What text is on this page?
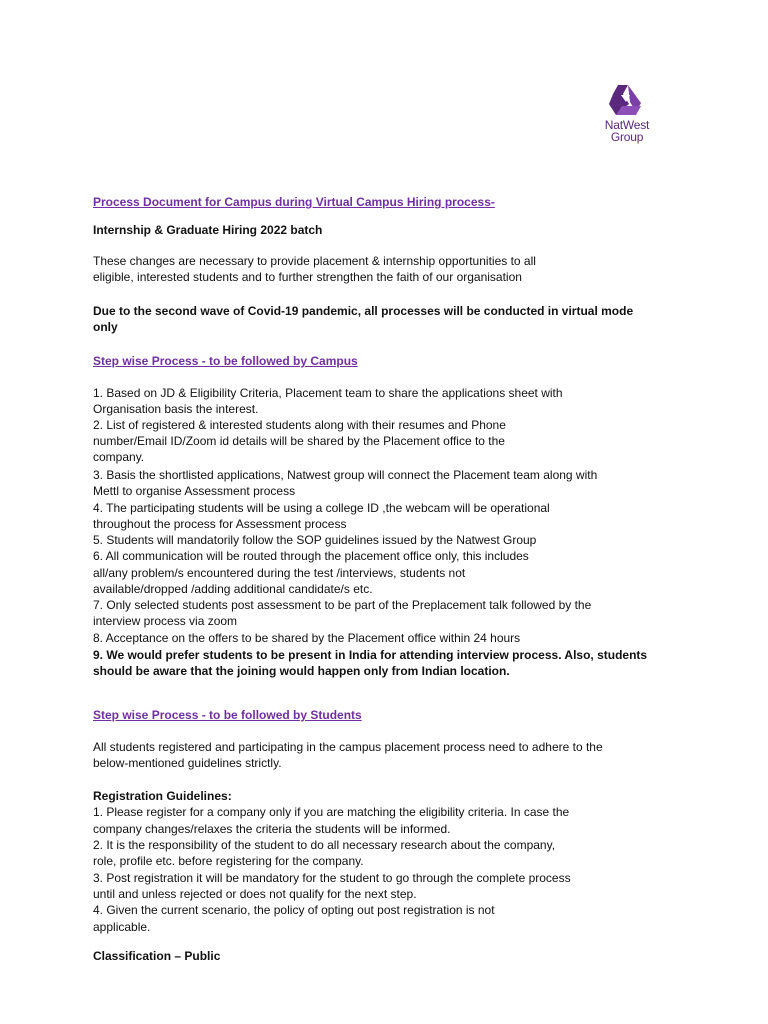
NatWest
Group

Process Document for Campus during Virtual Campus Hiring process-

Internship & Graduate Hiring 2022 batch

These changes are necessary to provide placement & internship opportunities to all

eligible, interested students and to further strengthen the faith of our organisation

Due to the second wave of Covid-19 pandemic, all processes will be conducted in virtual mode

only

Step wise Process - to be followed by Campus

1. Based on JD & Eligibility Criteria, Placement team to share the applications sheet with

Organisation basis the interest.

2. List of registered & interested students along with their resumes and Phone

number/Email ID/Zoom id details will be shared by the Placement office to the

company.

3. Basis the shortlisted applications, Natwest group will connect the Placement team along with

Mettl to organise Assessment process

4. The participating students will be using a college ID ,the webcam will be operational

throughout the process for Assessment process

5. Students will mandatorily follow the SOP guidelines issued by the Natwest Group

6. All communication will be routed through the placement office only, this includes

all/any problem/s encountered during the test /interviews, students not

available/dropped /adding additional candidate/s etc.

7. Only selected students post assessment to be part of the Preplacement talk followed by the

interview process via zoom

8. Acceptance on the offers to be shared by the Placement office within 24 hours

9. We would prefer students to be present in India for attending interview process. Also, students

should be aware that the joining would happen only from Indian location.

Step wise Process - to be followed by Students

All students registered and participating in the campus placement process need to adhere to the

below-mentioned guidelines strictly.

Registration Guidelines:

1. Please register for a company only if you are matching the eligibility criteria. In case the

company changes/relaxes the criteria the students will be informed.

2. It is the responsibility of the student to do all necessary research about the company,

role, profile etc. before registering for the company.

3. Post registration it will be mandatory for the student to go through the complete process

until and unless rejected or does not qualify for the next step.

4. Given the current scenario, the policy of opting out post registration is not

applicable.

Classification – Public
